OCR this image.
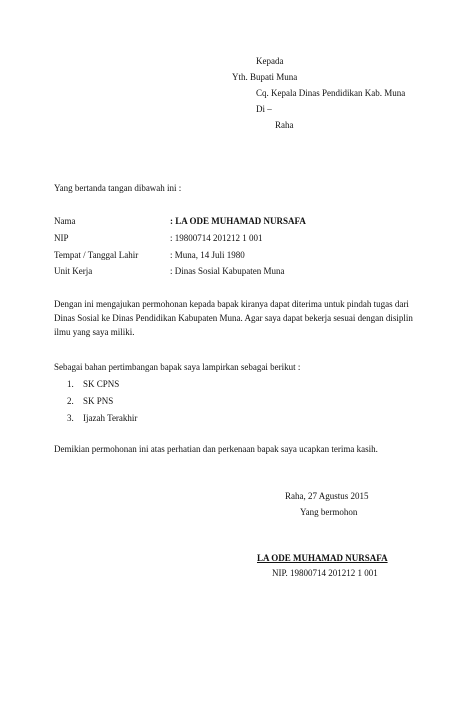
Kepada
Yth. Bupati Muna
Cq. Kepala Dinas Pendidikan Kab. Muna
Di –
Raha
Yang bertanda tangan dibawah ini :
Nama	: LA ODE MUHAMAD NURSAFA
NIP	: 19800714 201212 1 001
Tempat / Tanggal Lahir	: Muna, 14 Juli 1980
Unit Kerja	: Dinas Sosial Kabupaten Muna
Dengan ini mengajukan permohonan kepada bapak kiranya dapat diterima untuk pindah tugas dari Dinas Sosial ke Dinas Pendidikan Kabupaten Muna. Agar saya dapat bekerja sesuai dengan disiplin ilmu yang saya miliki.
Sebagai bahan pertimbangan bapak saya lampirkan sebagai berikut :
1. SK CPNS
2. SK PNS
3. Ijazah Terakhir
Demikian permohonan ini atas perhatian dan perkenaan bapak saya ucapkan terima kasih.
Raha, 27 Agustus 2015
Yang bermohon
LA ODE MUHAMAD NURSAFA
NIP. 19800714 201212 1 001
